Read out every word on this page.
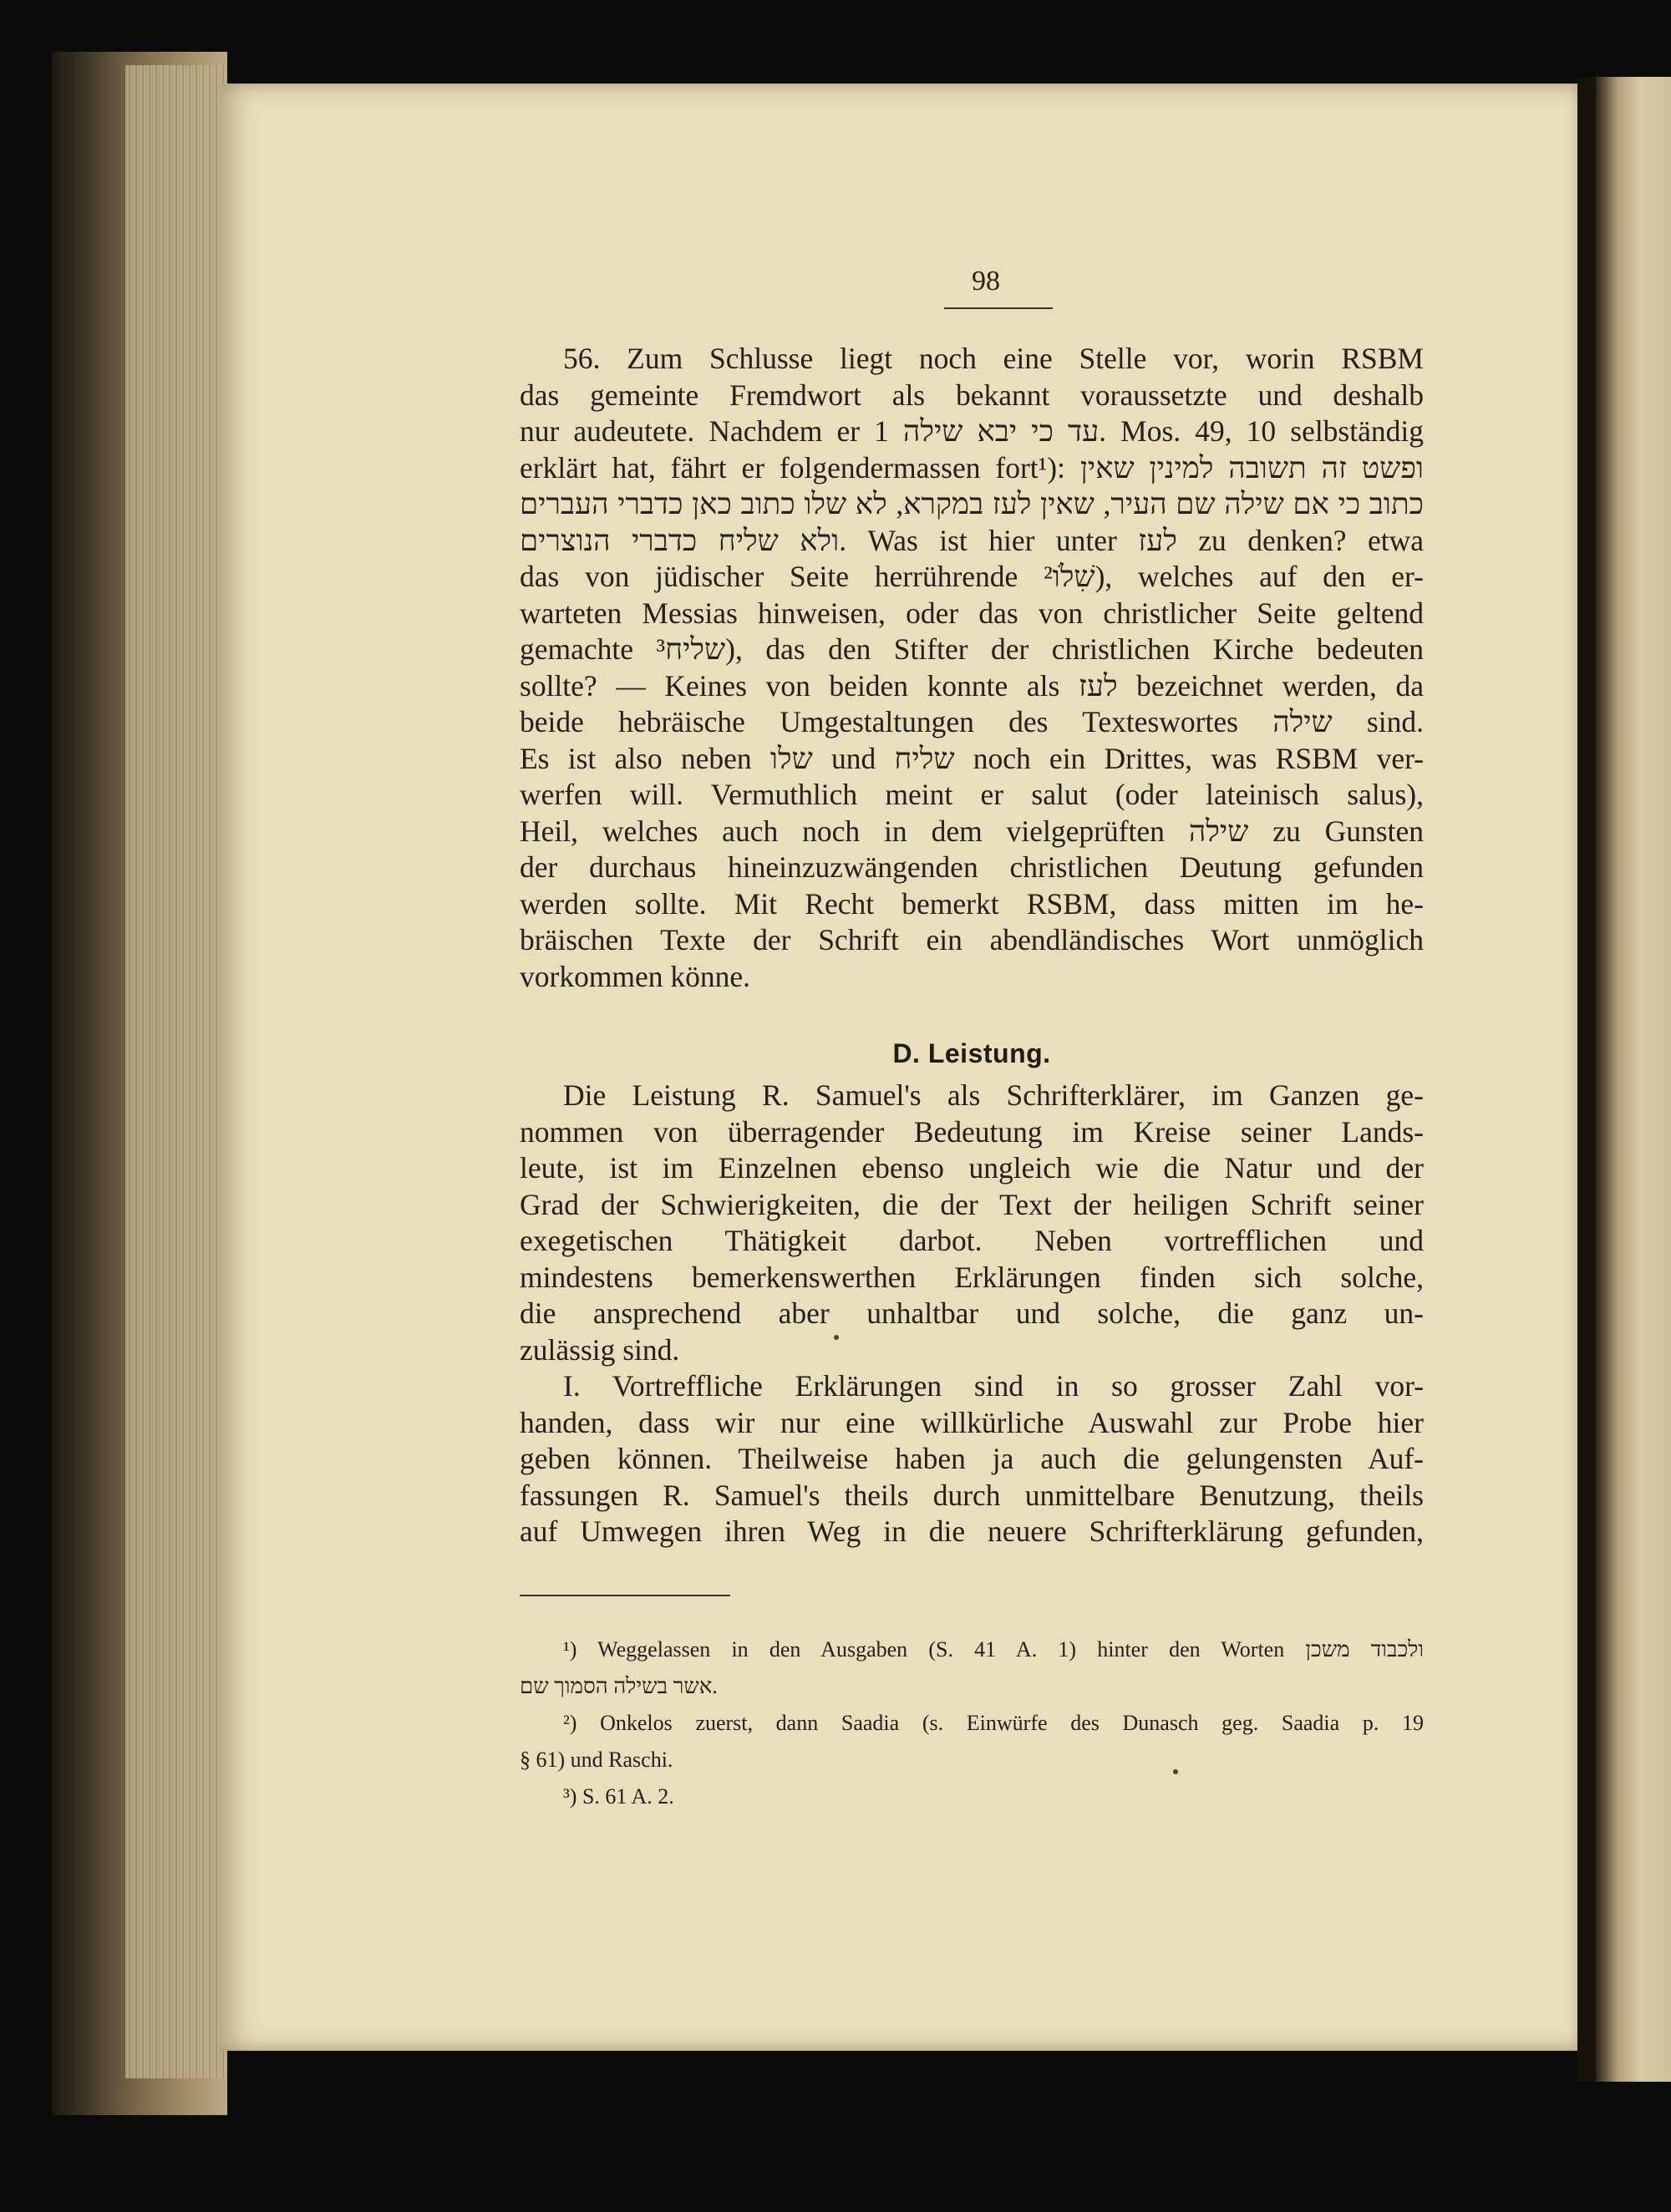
98
56. Zum Schlusse liegt noch eine Stelle vor, worin RSBM
das gemeinte Fremdwort als bekannt voraussetzte und deshalb
nur audeutete. Nachdem er עד כי יבא שילה 1. Mos. 49, 10 selbständig
erklärt hat, fährt er folgendermassen fort¹): ופשט זה תשובה למינין שאין
כתוב כי אם שילה שם העיר, שאין לעז במקרא, לא שלו כתוב כאן כדברי העברים
ולא שליח כדברי הנוצרים. Was ist hier unter לעז zu denken? etwa
das von jüdischer Seite herrührende שִׁלֹו²), welches auf den er-
warteten Messias hinweisen, oder das von christlicher Seite geltend
gemachte שליח³), das den Stifter der christlichen Kirche bedeuten
sollte? — Keines von beiden konnte als לעז bezeichnet werden, da
beide hebräische Umgestaltungen des Texteswortes שילה sind.
Es ist also neben שלו und שליח noch ein Drittes, was RSBM ver-
werfen will. Vermuthlich meint er salut (oder lateinisch salus),
Heil, welches auch noch in dem vielgeprüften שילה zu Gunsten
der durchaus hineinzuzwängenden christlichen Deutung gefunden
werden sollte. Mit Recht bemerkt RSBM, dass mitten im he-
bräischen Texte der Schrift ein abendländisches Wort unmöglich
vorkommen könne.
D. Leistung.
Die Leistung R. Samuel's als Schrifterklärer, im Ganzen ge-
nommen von überragender Bedeutung im Kreise seiner Lands-
leute, ist im Einzelnen ebenso ungleich wie die Natur und der
Grad der Schwierigkeiten, die der Text der heiligen Schrift seiner
exegetischen Thätigkeit darbot. Neben vortrefflichen und
mindestens bemerkenswerthen Erklärungen finden sich solche,
die ansprechend aber unhaltbar und solche, die ganz un-
zulässig sind.
I. Vortreffliche Erklärungen sind in so grosser Zahl vor-
handen, dass wir nur eine willkürliche Auswahl zur Probe hier
geben können. Theilweise haben ja auch die gelungensten Auf-
fassungen R. Samuel's theils durch unmittelbare Benutzung, theils
auf Umwegen ihren Weg in die neuere Schrifterklärung gefunden,
¹) Weggelassen in den Ausgaben (S. 41 A. 1) hinter den Worten ולכבוד משכן
אשר בשילה הסמוך שם.
²) Onkelos zuerst, dann Saadia (s. Einwürfe des Dunasch geg. Saadia p. 19
§ 61) und Raschi.
³) S. 61 A. 2.
